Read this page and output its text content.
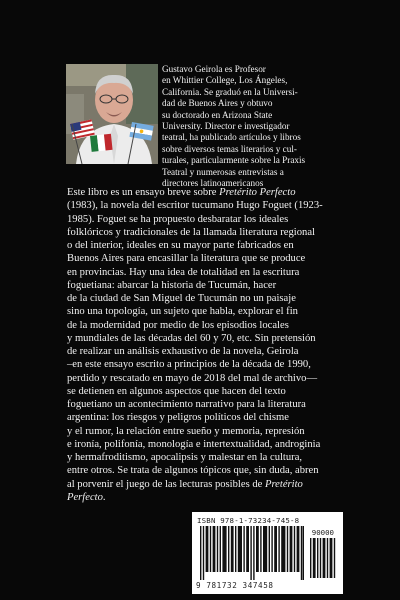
Gustavo Geirola es Profesor

en Whittier College, Los Ángeles,

California. Se graduó en la Universi-

dad de Buenos Aires y obtuvo

su doctorado en Arizona State

University. Director e investigador

teatral, ha publicado artículos y libros

sobre diversos temas literarios y cul-

turales, particularmente sobre la Praxis

Teatral y numerosas entrevistas a

directores latinoamericanos

Este libro es un ensayo breve sobre Pretérito Perfecto

(1983), la novela del escritor tucumano Hugo Foguet (1923-

1985). Foguet se ha propuesto desbaratar los ideales

folklóricos y tradicionales de la llamada literatura regional

o del interior, ideales en su mayor parte fabricados en

Buenos Aires para encasillar la literatura que se produce

en provincias. Hay una idea de totalidad en la escritura

foguetiana: abarcar la historia de Tucumán, hacer

de la ciudad de San Miguel de Tucumán no un paisaje

sino una topología, un sujeto que habla, explorar el fin

de la modernidad por medio de los episodios locales

y mundiales de las décadas del 60 y 70, etc. Sin pretensión

de realizar un análisis exhaustivo de la novela, Geirola

–en este ensayo escrito a principios de la década de 1990,

perdido y rescatado en mayo de 2018 del mal de archivo—

se detienen en algunos aspectos que hacen del texto

foguetiano un acontecimiento narrativo para la literatura

argentina: los riesgos y peligros políticos del chisme

y el rumor, la relación entre sueño y memoria, represión

e ironía, polifonía, monología e intertextualidad, androginia

y hermafroditismo, apocalipsis y malestar en la cultura,

entre otros. Se trata de algunos tópicos que, sin duda, abren

al porvenir el juego de las lecturas posibles de Pretérito

Perfecto.

ISBN 978-1-73234-745-8
90000
9 781732 347458
